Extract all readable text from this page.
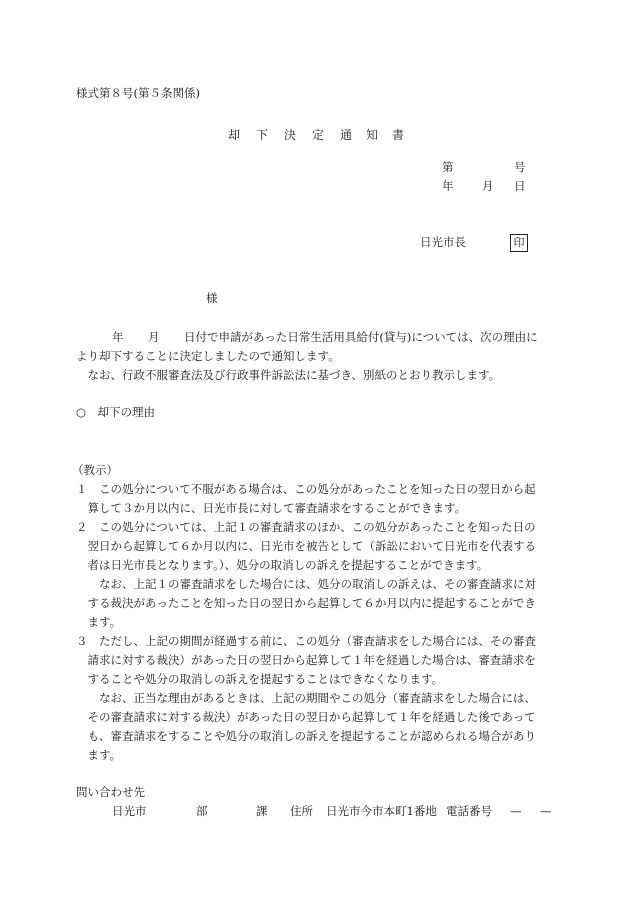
様式第８号(第５条関係)
却 下 決 定 通 知 書
第	号
年 月 日
日光市長	印
様
年 月 日付で申請があった日常生活用具給付(貸与)については、次の理由に
より却下することに決定しましたので通知します。
　なお、行政不服審査法及び行政事件訴訟法に基づき、別紙のとおり教示します。
○　却下の理由
（教示）
１　この処分について不服がある場合は、この処分があったことを知った日の翌日から起
　算して３か月以内に、日光市長に対して審査請求をすることができます。
２　この処分については、上記１の審査請求のほか、この処分があったことを知った日の
　翌日から起算して６か月以内に、日光市を被告として（訴訟において日光市を代表する
　者は日光市長となります。）、処分の取消しの訴えを提起することができます。
　　なお、上記１の審査請求をした場合には、処分の取消しの訴えは、その審査請求に対
　する裁決があったことを知った日の翌日から起算して６か月以内に提起することができ
　ます。
３　ただし、上記の期間が経過する前に、この処分（審査請求をした場合には、その審査
　請求に対する裁決）があった日の翌日から起算して１年を経過した場合は、審査請求を
　することや処分の取消しの訴えを提起することはできなくなります。
　　なお、正当な理由があるときは、上記の期間やこの処分（審査請求をした場合には、
　その審査請求に対する裁決）があった日の翌日から起算して１年を経過した後であって
　も、審査請求をすることや処分の取消しの訴えを提起することが認められる場合があり
　ます。
問い合わせ先
日光市	部	課 住所 日光市今市本町1番地 電話番号 — —
